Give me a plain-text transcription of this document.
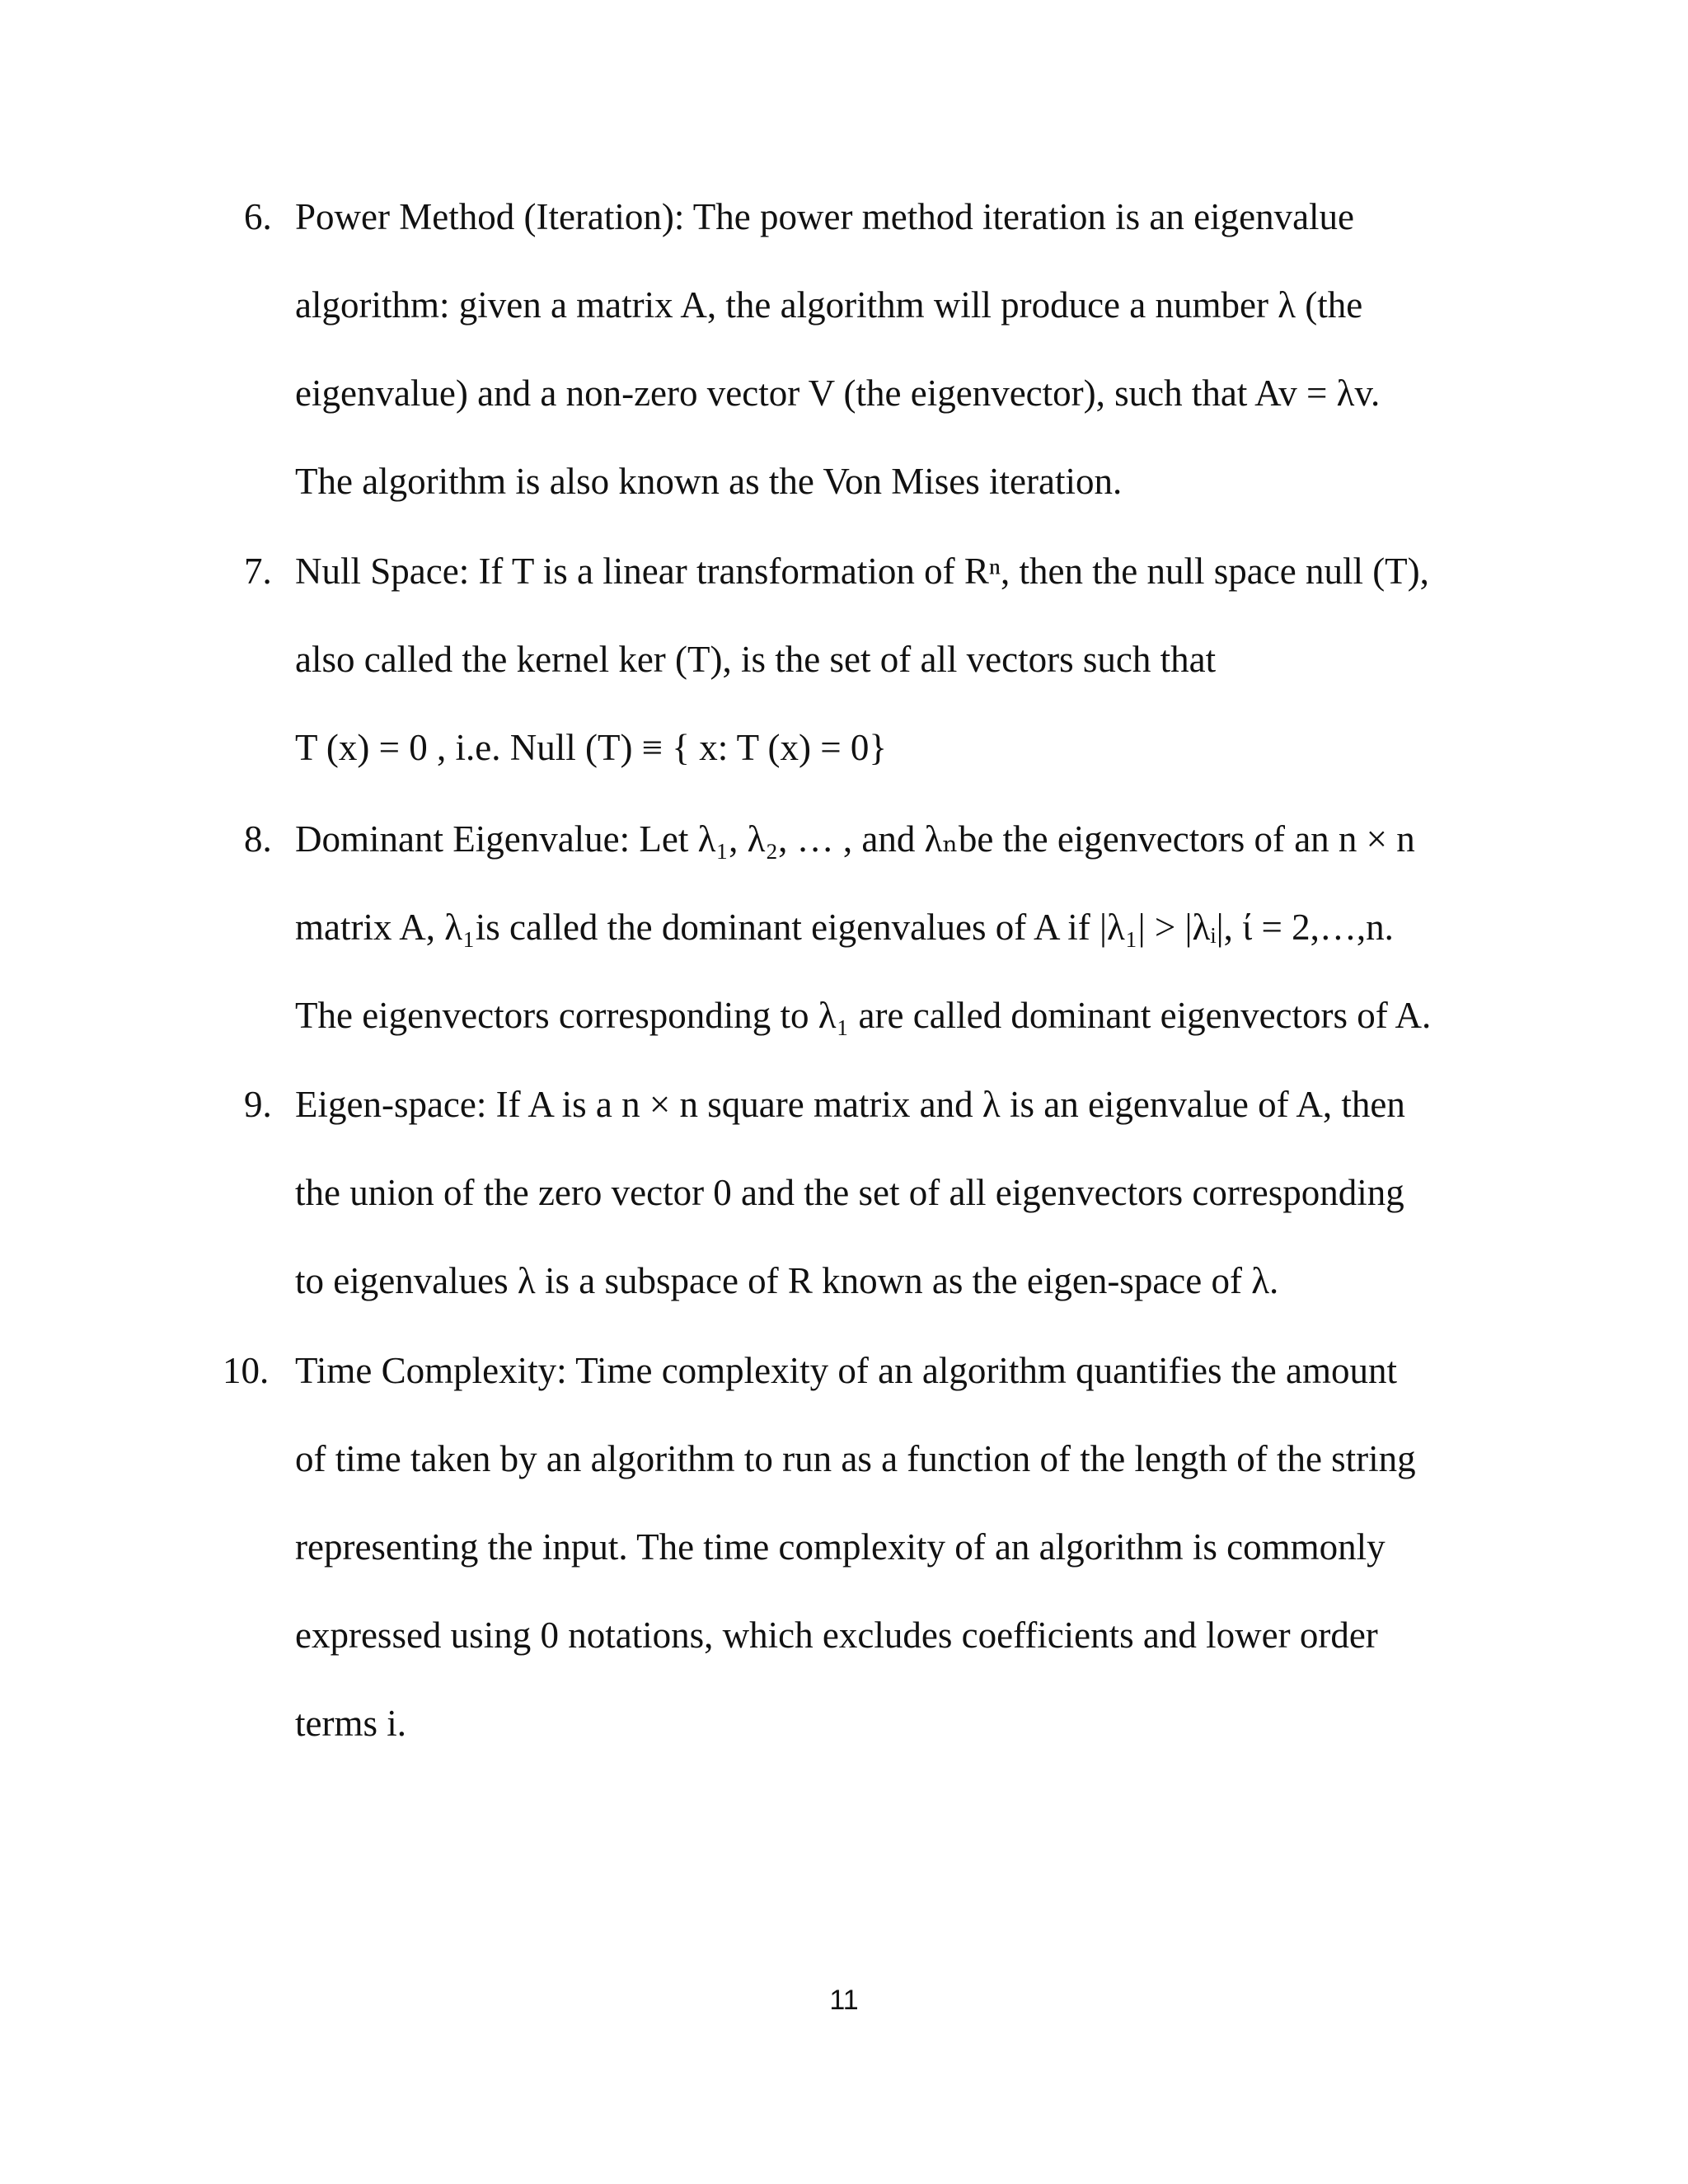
6. Power Method (Iteration): The power method iteration is an eigenvalue
algorithm: given a matrix A, the algorithm will produce a number λ (the
eigenvalue) and a non-zero vector V (the eigenvector), such that Av = λv.
The algorithm is also known as the Von Mises iteration.
7. Null Space: If T is a linear transformation of Rⁿ, then the null space null (T),
also called the kernel ker (T), is the set of all vectors such that
T (x) = 0 , i.e. Null (T) ≡ { x: T (x) = 0}
8. Dominant Eigenvalue: Let λ₁, λ₂, … , and λₙbe the eigenvectors of an n × n
matrix A, λ₁is called the dominant eigenvalues of A if |λ₁| > |λᵢ|, ί = 2,…,n.
The eigenvectors corresponding to λ₁ are called dominant eigenvectors of A.
9. Eigen-space: If A is a n × n square matrix and λ is an eigenvalue of A, then
the union of the zero vector 0 and the set of all eigenvectors corresponding
to eigenvalues λ is a subspace of R known as the eigen-space of λ.
10. Time Complexity: Time complexity of an algorithm quantifies the amount
of time taken by an algorithm to run as a function of the length of the string
representing the input. The time complexity of an algorithm is commonly
expressed using 0 notations, which excludes coefficients and lower order
terms i.
11
